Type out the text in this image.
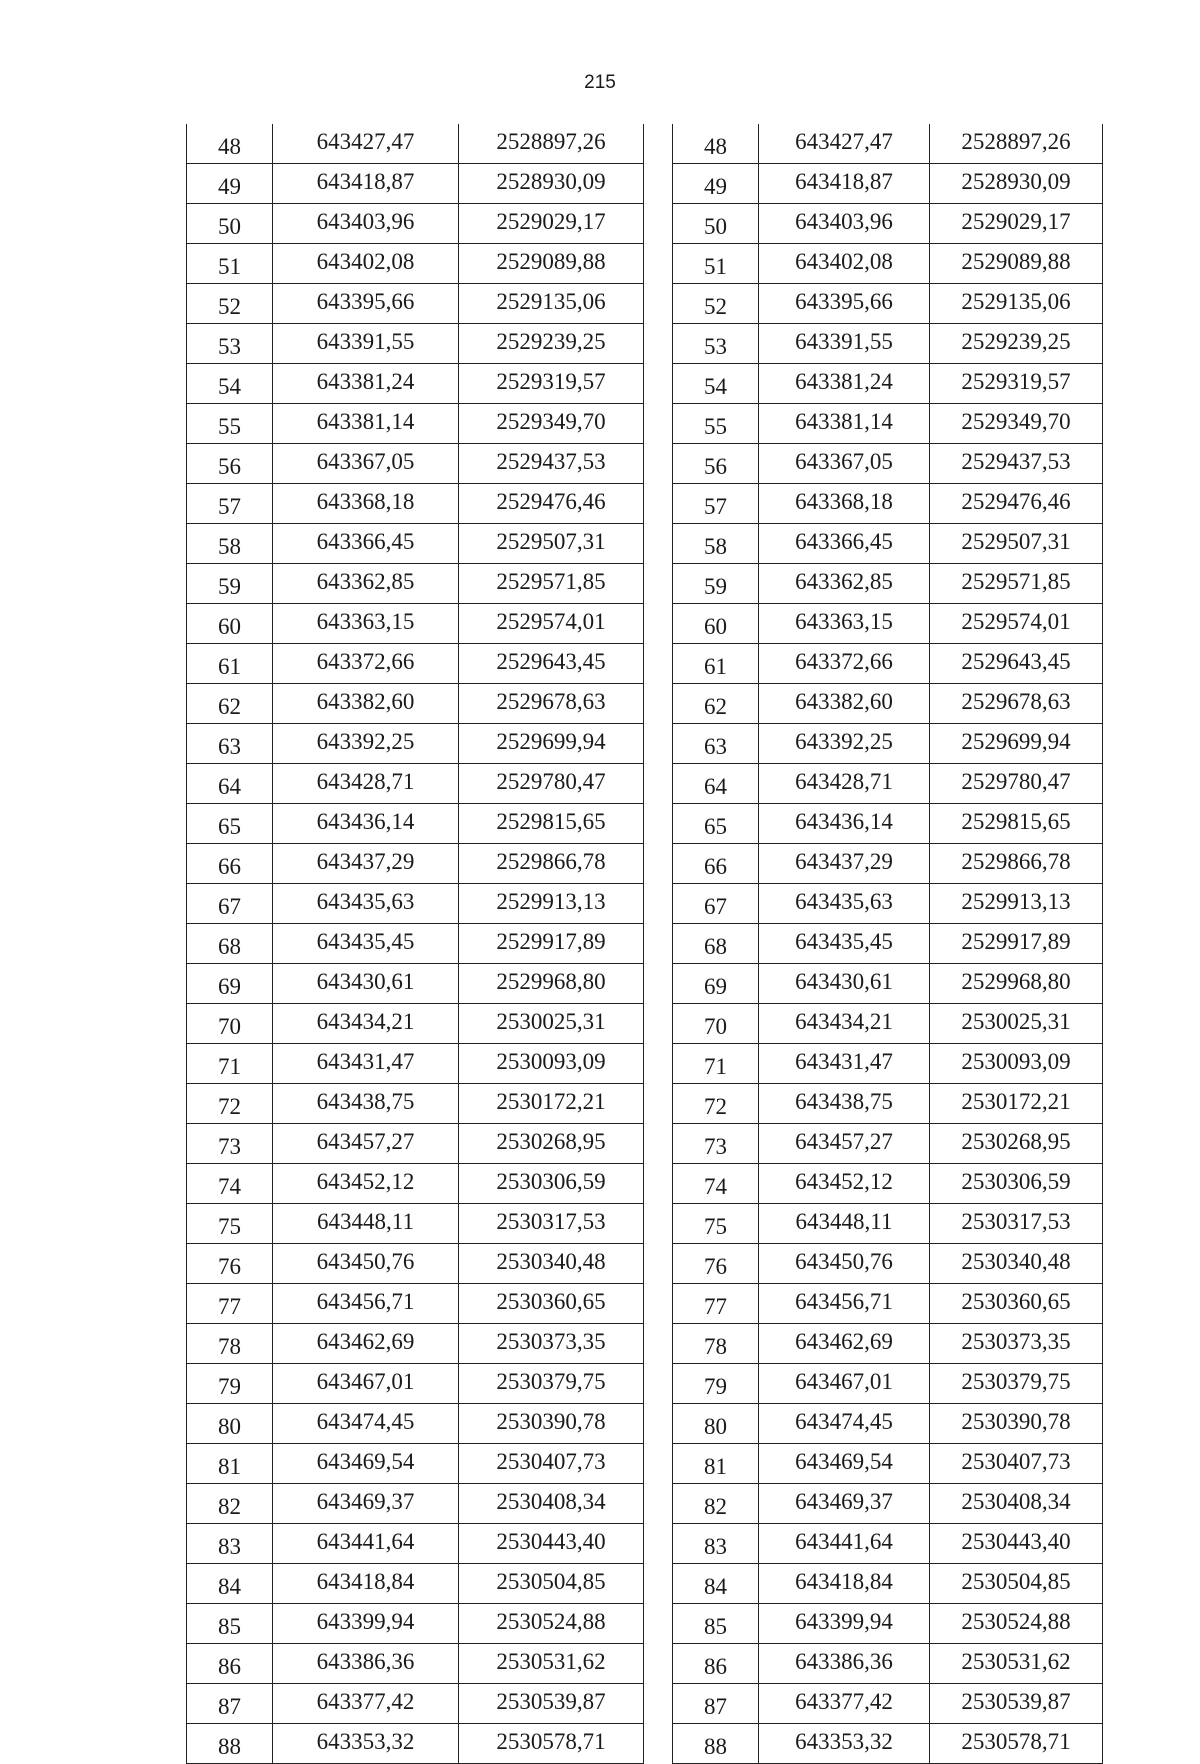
215
48	643427,47	2528897,26
49	643418,87	2528930,09
50	643403,96	2529029,17
51	643402,08	2529089,88
52	643395,66	2529135,06
53	643391,55	2529239,25
54	643381,24	2529319,57
55	643381,14	2529349,70
56	643367,05	2529437,53
57	643368,18	2529476,46
58	643366,45	2529507,31
59	643362,85	2529571,85
60	643363,15	2529574,01
61	643372,66	2529643,45
62	643382,60	2529678,63
63	643392,25	2529699,94
64	643428,71	2529780,47
65	643436,14	2529815,65
66	643437,29	2529866,78
67	643435,63	2529913,13
68	643435,45	2529917,89
69	643430,61	2529968,80
70	643434,21	2530025,31
71	643431,47	2530093,09
72	643438,75	2530172,21
73	643457,27	2530268,95
74	643452,12	2530306,59
75	643448,11	2530317,53
76	643450,76	2530340,48
77	643456,71	2530360,65
78	643462,69	2530373,35
79	643467,01	2530379,75
80	643474,45	2530390,78
81	643469,54	2530407,73
82	643469,37	2530408,34
83	643441,64	2530443,40
84	643418,84	2530504,85
85	643399,94	2530524,88
86	643386,36	2530531,62
87	643377,42	2530539,87
88	643353,32	2530578,71
48	643427,47	2528897,26
49	643418,87	2528930,09
50	643403,96	2529029,17
51	643402,08	2529089,88
52	643395,66	2529135,06
53	643391,55	2529239,25
54	643381,24	2529319,57
55	643381,14	2529349,70
56	643367,05	2529437,53
57	643368,18	2529476,46
58	643366,45	2529507,31
59	643362,85	2529571,85
60	643363,15	2529574,01
61	643372,66	2529643,45
62	643382,60	2529678,63
63	643392,25	2529699,94
64	643428,71	2529780,47
65	643436,14	2529815,65
66	643437,29	2529866,78
67	643435,63	2529913,13
68	643435,45	2529917,89
69	643430,61	2529968,80
70	643434,21	2530025,31
71	643431,47	2530093,09
72	643438,75	2530172,21
73	643457,27	2530268,95
74	643452,12	2530306,59
75	643448,11	2530317,53
76	643450,76	2530340,48
77	643456,71	2530360,65
78	643462,69	2530373,35
79	643467,01	2530379,75
80	643474,45	2530390,78
81	643469,54	2530407,73
82	643469,37	2530408,34
83	643441,64	2530443,40
84	643418,84	2530504,85
85	643399,94	2530524,88
86	643386,36	2530531,62
87	643377,42	2530539,87
88	643353,32	2530578,71
